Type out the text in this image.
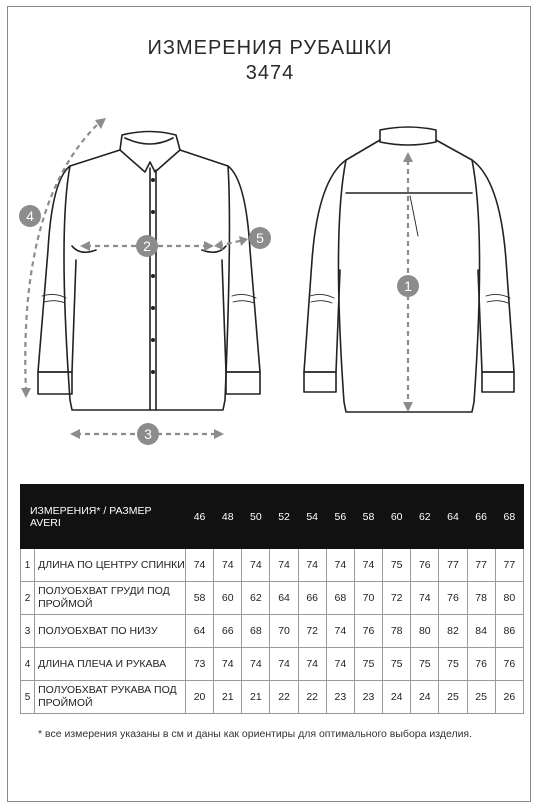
ИЗМЕРЕНИЯ РУБАШКИ
3474
1
2
3
4
5
ИЗМЕРЕНИЯ* / РАЗМЕР AVERI		46	48	50	52	54	56	58	60	62	64	66	68
1	ДЛИНА ПО ЦЕНТРУ СПИНКИ	74	74	74	74	74	74	74	75	76	77	77	77
2	ПОЛУОБХВАТ ГРУДИ ПОД ПРОЙМОЙ	58	60	62	64	66	68	70	72	74	76	78	80
3	ПОЛУОБХВАТ ПО НИЗУ	64	66	68	70	72	74	76	78	80	82	84	86
4	ДЛИНА ПЛЕЧА И РУКАВА	73	74	74	74	74	74	75	75	75	75	76	76
5	ПОЛУОБХВАТ РУКАВА ПОД ПРОЙМОЙ	20	21	21	22	22	23	23	24	24	25	25	26
* все измерения указаны в см и даны как ориентиры для оптимального выбора изделия.
